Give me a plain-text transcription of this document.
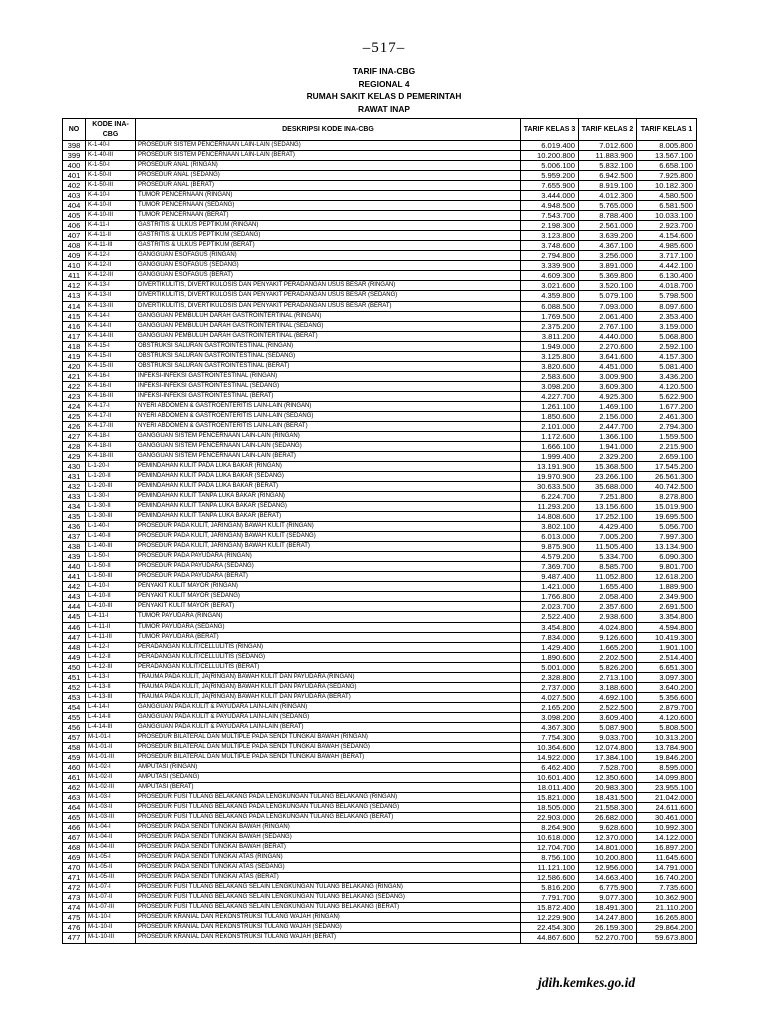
–517–
TARIF INA-CBG
REGIONAL 4
RUMAH SAKIT KELAS D PEMERINTAH
RAWAT INAP
NO	KODE INA-CBG	DESKRIPSI KODE INA-CBG	TARIF KELAS 3	TARIF KELAS 2	TARIF KELAS 1
398	K-1-40-I	PROSEDUR SISTEM PENCERNAAN LAIN-LAIN (SEDANG)	6.019.400	7.012.600	8.005.800
399	K-1-40-III	PROSEDUR SISTEM PENCERNAAN LAIN-LAIN (BERAT)	10.200.800	11.883.900	13.567.100
400	K-1-50-I	PROSEDUR ANAL (RINGAN)	5.006.100	5.832.100	6.658.100
401	K-1-50-II	PROSEDUR ANAL (SEDANG)	5.959.200	6.942.500	7.925.800
402	K-1-50-III	PROSEDUR ANAL (BERAT)	7.655.900	8.919.100	10.182.300
403	K-4-10-I	TUMOR PENCERNAAN (RINGAN)	3.444.000	4.012.300	4.580.500
404	K-4-10-II	TUMOR PENCERNAAN (SEDANG)	4.948.500	5.765.000	6.581.500
405	K-4-10-III	TUMOR PENCERNAAN (BERAT)	7.543.700	8.788.400	10.033.100
406	K-4-11-I	GASTRITIS & ULKUS PEPTIKUM (RINGAN)	2.198.300	2.561.000	2.923.700
407	K-4-11-II	GASTRITIS & ULKUS PEPTIKUM (SEDANG)	3.123.800	3.639.200	4.154.600
408	K-4-11-III	GASTRITIS & ULKUS PEPTIKUM (BERAT)	3.748.600	4.367.100	4.985.600
409	K-4-12-I	GANGGUAN ESOFAGUS (RINGAN)	2.794.800	3.256.000	3.717.100
410	K-4-12-II	GANGGUAN ESOFAGUS (SEDANG)	3.339.900	3.891.000	4.442.100
411	K-4-12-III	GANGGUAN ESOFAGUS (BERAT)	4.609.300	5.369.800	6.130.400
412	K-4-13-I	DIVERTIKULITIS, DIVERTIKULOSIS DAN PENYAKIT PERADANGAN USUS BESAR (RINGAN)	3.021.600	3.520.100	4.018.700
413	K-4-13-II	DIVERTIKULITIS, DIVERTIKULOSIS DAN PENYAKIT PERADANGAN USUS BESAR (SEDANG)	4.359.800	5.079.100	5.798.500
414	K-4-13-III	DIVERTIKULITIS, DIVERTIKULOSIS DAN PENYAKIT PERADANGAN USUS BESAR (BERAT)	6.088.500	7.093.000	8.097.600
415	K-4-14-I	GANGGUAN PEMBULUH DARAH GASTROINTERTINAL (RINGAN)	1.769.500	2.061.400	2.353.400
416	K-4-14-II	GANGGUAN PEMBULUH DARAH GASTROINTERTINAL (SEDANG)	2.375.200	2.767.100	3.159.000
417	K-4-14-III	GANGGUAN PEMBULUH DARAH GASTROINTERTINAL (BERAT)	3.811.200	4.440.000	5.068.800
418	K-4-15-I	OBSTRUKSI SALURAN GASTROINTESTINAL (RINGAN)	1.949.000	2.270.600	2.592.100
419	K-4-15-II	OBSTRUKSI SALURAN GASTROINTESTINAL (SEDANG)	3.125.800	3.641.600	4.157.300
420	K-4-15-III	OBSTRUKSI SALURAN GASTROINTESTINAL (BERAT)	3.820.600	4.451.000	5.081.400
421	K-4-16-I	INFEKSI-INFEKSI GASTROINTESTINAL (RINGAN)	2.583.600	3.009.900	3.436.200
422	K-4-16-II	INFEKSI-INFEKSI GASTROINTESTINAL (SEDANG)	3.098.200	3.609.300	4.120.500
423	K-4-16-III	INFEKSI-INFEKSI GASTROINTESTINAL (BERAT)	4.227.700	4.925.300	5.622.900
424	K-4-17-I	NYERI ABDOMEN & GASTROENTERITIS LAIN-LAIN (RINGAN)	1.261.100	1.469.100	1.677.200
425	K-4-17-II	NYERI ABDOMEN & GASTROENTERITIS LAIN-LAIN (SEDANG)	1.850.600	2.156.000	2.461.300
426	K-4-17-III	NYERI ABDOMEN & GASTROENTERITIS LAIN-LAIN (BERAT)	2.101.000	2.447.700	2.794.300
427	K-4-18-I	GANGGUAN SISTEM PENCERNAAN LAIN-LAIN (RINGAN)	1.172.600	1.366.100	1.559.500
428	K-4-18-II	GANGGUAN SISTEM PENCERNAAN LAIN-LAIN (SEDANG)	1.666.100	1.941.000	2.215.900
429	K-4-18-III	GANGGUAN SISTEM PENCERNAAN LAIN-LAIN (BERAT)	1.999.400	2.329.200	2.659.100
430	L-1-20-I	PEMINDAHAN KULIT PADA LUKA BAKAR (RINGAN)	13.191.900	15.368.500	17.545.200
431	L-1-20-II	PEMINDAHAN KULIT PADA LUKA BAKAR (SEDANG)	19.970.900	23.266.100	26.561.300
432	L-1-20-III	PEMINDAHAN KULIT PADA LUKA BAKAR (BERAT)	30.633.500	35.688.000	40.742.500
433	L-1-30-I	PEMINDAHAN KULIT TANPA LUKA BAKAR (RINGAN)	6.224.700	7.251.800	8.278.800
434	L-1-30-II	PEMINDAHAN KULIT TANPA LUKA BAKAR (SEDANG)	11.293.200	13.156.600	15.019.900
435	L-1-30-III	PEMINDAHAN KULIT TANPA LUKA BAKAR (BERAT)	14.808.600	17.252.100	19.695.500
436	L-1-40-I	PROSEDUR PADA KULIT, JARINGAN) BAWAH KULIT (RINGAN)	3.802.100	4.429.400	5.056.700
437	L-1-40-II	PROSEDUR PADA KULIT, JARINGAN) BAWAH KULIT (SEDANG)	6.013.000	7.005.200	7.997.300
438	L-1-40-III	PROSEDUR PADA KULIT, JARINGAN) BAWAH KULIT (BERAT)	9.875.900	11.505.400	13.134.900
439	L-1-50-I	PROSEDUR PADA PAYUDARA (RINGAN)	4.579.200	5.334.700	6.090.300
440	L-1-50-II	PROSEDUR PADA PAYUDARA (SEDANG)	7.369.700	8.585.700	9.801.700
441	L-1-50-III	PROSEDUR PADA PAYUDARA (BERAT)	9.487.400	11.052.800	12.618.200
442	L-4-10-I	PENYAKIT KULIT MAYOR (RINGAN)	1.421.000	1.655.400	1.889.900
443	L-4-10-II	PENYAKIT KULIT MAYOR (SEDANG)	1.766.800	2.058.400	2.349.900
444	L-4-10-III	PENYAKIT KULIT MAYOR (BERAT)	2.023.700	2.357.600	2.691.500
445	L-4-11-I	TUMOR PAYUDARA (RINGAN)	2.522.400	2.938.600	3.354.800
446	L-4-11-II	TUMOR PAYUDARA (SEDANG)	3.454.800	4.024.800	4.594.800
447	L-4-11-III	TUMOR PAYUDARA (BERAT)	7.834.000	9.126.600	10.419.300
448	L-4-12-I	PERADANGAN KULIT/CELLULITIS (RINGAN)	1.429.400	1.665.200	1.901.100
449	L-4-12-II	PERADANGAN KULIT/CELLULITIS (SEDANG)	1.890.600	2.202.500	2.514.400
450	L-4-12-III	PERADANGAN KULIT/CELLULITIS (BERAT)	5.001.000	5.826.200	6.651.300
451	L-4-13-I	TRAUMA PADA KULIT, JA(RINGAN) BAWAH KULIT DAN PAYUDARA (RINGAN)	2.328.800	2.713.100	3.097.300
452	L-4-13-II	TRAUMA PADA KULIT, JA(RINGAN) BAWAH KULIT DAN PAYUDARA (SEDANG)	2.737.000	3.188.600	3.640.200
453	L-4-13-III	TRAUMA PADA KULIT, JA(RINGAN) BAWAH KULIT DAN PAYUDARA (BERAT)	4.027.500	4.692.100	5.356.600
454	L-4-14-I	GANGGUAN PADA KULIT & PAYUDARA LAIN-LAIN (RINGAN)	2.165.200	2.522.500	2.879.700
455	L-4-14-II	GANGGUAN PADA KULIT & PAYUDARA LAIN-LAIN (SEDANG)	3.098.200	3.609.400	4.120.600
456	L-4-14-III	GANGGUAN PADA KULIT & PAYUDARA LAIN-LAIN (BERAT)	4.367.300	5.087.900	5.808.500
457	M-1-01-I	PROSEDUR BILATERAL DAN MULTIPLE PADA SENDI TUNGKAI BAWAH (RINGAN)	7.754.300	9.033.700	10.313.200
458	M-1-01-II	PROSEDUR BILATERAL DAN MULTIPLE PADA SENDI TUNGKAI BAWAH (SEDANG)	10.364.600	12.074.800	13.784.900
459	M-1-01-III	PROSEDUR BILATERAL DAN MULTIPLE PADA SENDI TUNGKAI BAWAH (BERAT)	14.922.000	17.384.100	19.846.200
460	M-1-02-I	AMPUTASI (RINGAN)	6.462.400	7.528.700	8.595.000
461	M-1-02-II	AMPUTASI (SEDANG)	10.601.400	12.350.600	14.099.800
462	M-1-02-III	AMPUTASI (BERAT)	18.011.400	20.983.300	23.955.100
463	M-1-03-I	PROSEDUR FUSI TULANG BELAKANG PADA LENGKUNGAN TULANG BELAKANG (RINGAN)	15.821.000	18.431.500	21.042.000
464	M-1-03-II	PROSEDUR FUSI TULANG BELAKANG PADA LENGKUNGAN TULANG BELAKANG (SEDANG)	18.505.000	21.558.300	24.611.600
465	M-1-03-III	PROSEDUR FUSI TULANG BELAKANG PADA LENGKUNGAN TULANG BELAKANG (BERAT)	22.903.000	26.682.000	30.461.000
466	M-1-04-I	PROSEDUR PADA SENDI TUNGKAI BAWAH (RINGAN)	8.264.900	9.628.600	10.992.300
467	M-1-04-II	PROSEDUR PADA SENDI TUNGKAI BAWAH (SEDANG)	10.618.000	12.370.000	14.122.000
468	M-1-04-III	PROSEDUR PADA SENDI TUNGKAI BAWAH (BERAT)	12.704.700	14.801.000	16.897.200
469	M-1-05-I	PROSEDUR PADA SENDI TUNGKAI ATAS (RINGAN)	8.756.100	10.200.800	11.645.600
470	M-1-05-II	PROSEDUR PADA SENDI TUNGKAI ATAS (SEDANG)	11.121.100	12.956.000	14.791.000
471	M-1-05-III	PROSEDUR PADA SENDI TUNGKAI ATAS (BERAT)	12.586.600	14.663.400	16.740.200
472	M-1-07-I	PROSEDUR FUSI TULANG BELAKANG SELAIN LENGKUNGAN TULANG BELAKANG (RINGAN)	5.816.200	6.775.900	7.735.600
473	M-1-07-II	PROSEDUR FUSI TULANG BELAKANG SELAIN LENGKUNGAN TULANG BELAKANG (SEDANG)	7.791.700	9.077.300	10.362.900
474	M-1-07-III	PROSEDUR FUSI TULANG BELAKANG SELAIN LENGKUNGAN TULANG BELAKANG (BERAT)	15.872.400	18.491.300	21.110.200
475	M-1-10-I	PROSEDUR KRANIAL DAN REKONSTRUKSI TULANG WAJAH (RINGAN)	12.229.900	14.247.800	16.265.800
476	M-1-10-II	PROSEDUR KRANIAL DAN REKONSTRUKSI TULANG WAJAH (SEDANG)	22.454.300	26.159.300	29.864.200
477	M-1-10-III	PROSEDUR KRANIAL DAN REKONSTRUKSI TULANG WAJAH (BERAT)	44.867.600	52.270.700	59.673.800
jdih.kemkes.go.id
